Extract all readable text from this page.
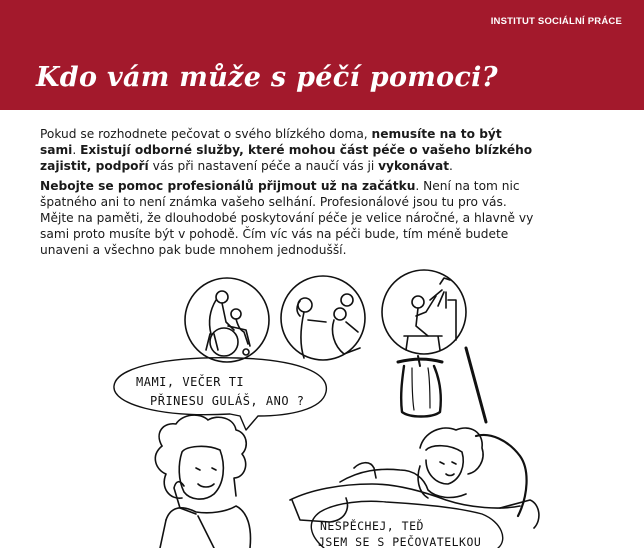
INSTITUT SOCIÁLNÍ PRÁCE
Kdo vám může s péčí pomoci?

Pokud se rozhodnete pečovat o svého blízkého doma, nemusíte na to být sami. Existují odborné služby, které mohou část péče o vašeho blízkého zajistit, podpoří vás při nastavení péče a naučí vás ji vykonávat.

Nebojte se pomoc profesionálů přijmout už na začátku. Není na tom nic špatného ani to není známka vašeho selhání. Profesionálové jsou tu pro vás. Mějte na paměti, že dlouhodobé poskytování péče je velice náročné, a hlavně vy sami proto musíte být v pohodě. Čím víc vás na péči bude, tím méně budete unaveni a všechno pak bude mnohem jednodušší.

MAMI, VEČER TI
PŘINESU GULÁŠ, ANO ?
NESPĚCHEJ, TEĎ
JSEM SE S PEČOVATELKOU
